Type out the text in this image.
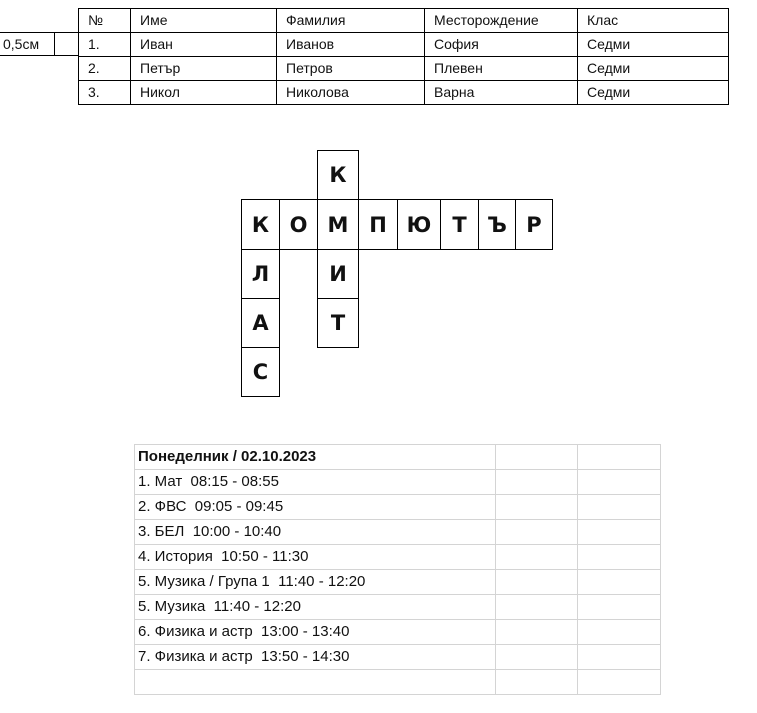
0,5см
№	Име	Фамилия	Месторождение	Клас
1.	Иван	Иванов	София	Седми
2.	Петър	Петров	Плевен	Седми
3.	Никол	Николова	Варна	Седми
К
И
Т
К О М П Ю	Т Ъ Р
Л
А
С
Понеделник / 02.10.2023		
1. Мат  08:15 - 08:55		
2. ФВС  09:05 - 09:45		
3. БЕЛ  10:00 - 10:40		
4. История  10:50 - 11:30		
5. Музика / Група 1  11:40 - 12:20		
5. Музика  11:40 - 12:20		
6. Физика и астр  13:00 - 13:40		
7. Физика и астр  13:50 - 14:30		
